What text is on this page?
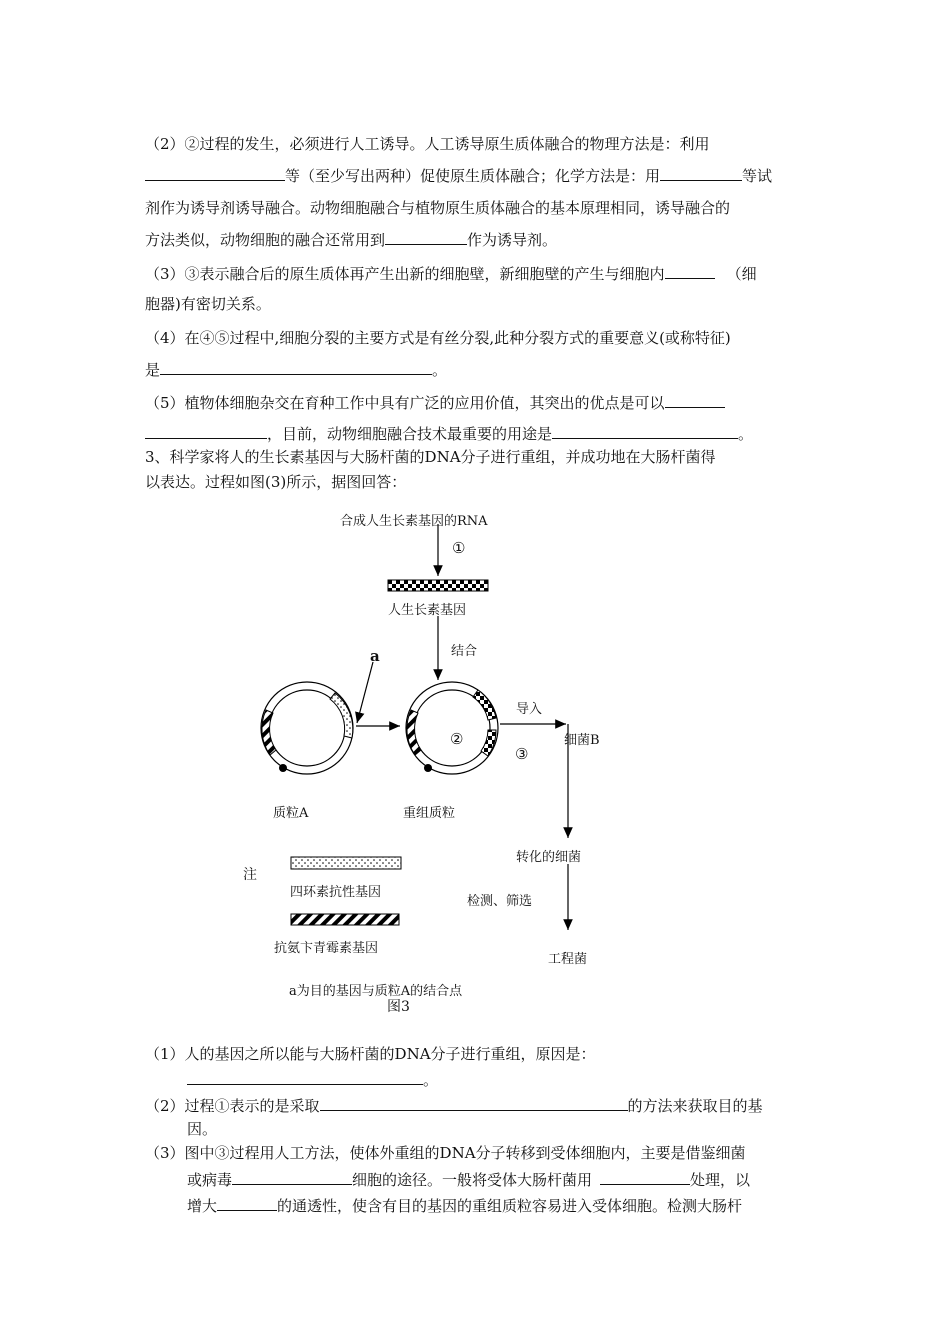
（2）②过程的发生，必须进行人工诱导。人工诱导原生质体融合的物理方法是：利用
等（至少写出两种）促使原生质体融合；化学方法是：用	等试
剂作为诱导剂诱导融合。动物细胞融合与植物原生质体融合的基本原理相同，诱导融合的
方法类似，动物细胞的融合还常用到	作为诱导剂。
（3）③表示融合后的原生质体再产生出新的细胞壁，新细胞壁的产生与细胞内	（细
胞器)有密切关系。
（4）在④⑤过程中,细胞分裂的主要方式是有丝分裂,此种分裂方式的重要意义(或称特征)
是	。
（5）植物体细胞杂交在育种工作中具有广泛的应用价值，其突出的优点是可以
，目前，动物细胞融合技术最重要的用途是	。
3、科学家将人的生长素基因与大肠杆菌的DNA分子进行重组，并成功地在大肠杆菌得
以表达。过程如图(3)所示，据图回答：
合成人生长素基因的RNA
①
人生长素基因
结合
a
导入
细菌B
②
③
质粒A	重组质粒
转化的细菌
注
四环素抗性基因
检测、筛选
抗氨卞青霉素基因
工程菌
a为目的基因与质粒A的结合点
图3
（1）人的基因之所以能与大肠杆菌的DNA分子进行重组，原因是：
。
（2）过程①表示的是采取	的方法来获取目的基
因。
（3）图中③过程用人工方法，使体外重组的DNA分子转移到受体细胞内，主要是借鉴细菌
或病毒	细胞的途径。一般将受体大肠杆菌用	处理，以
增大	的通透性，使含有目的基因的重组质粒容易进入受体细胞。检测大肠杆
